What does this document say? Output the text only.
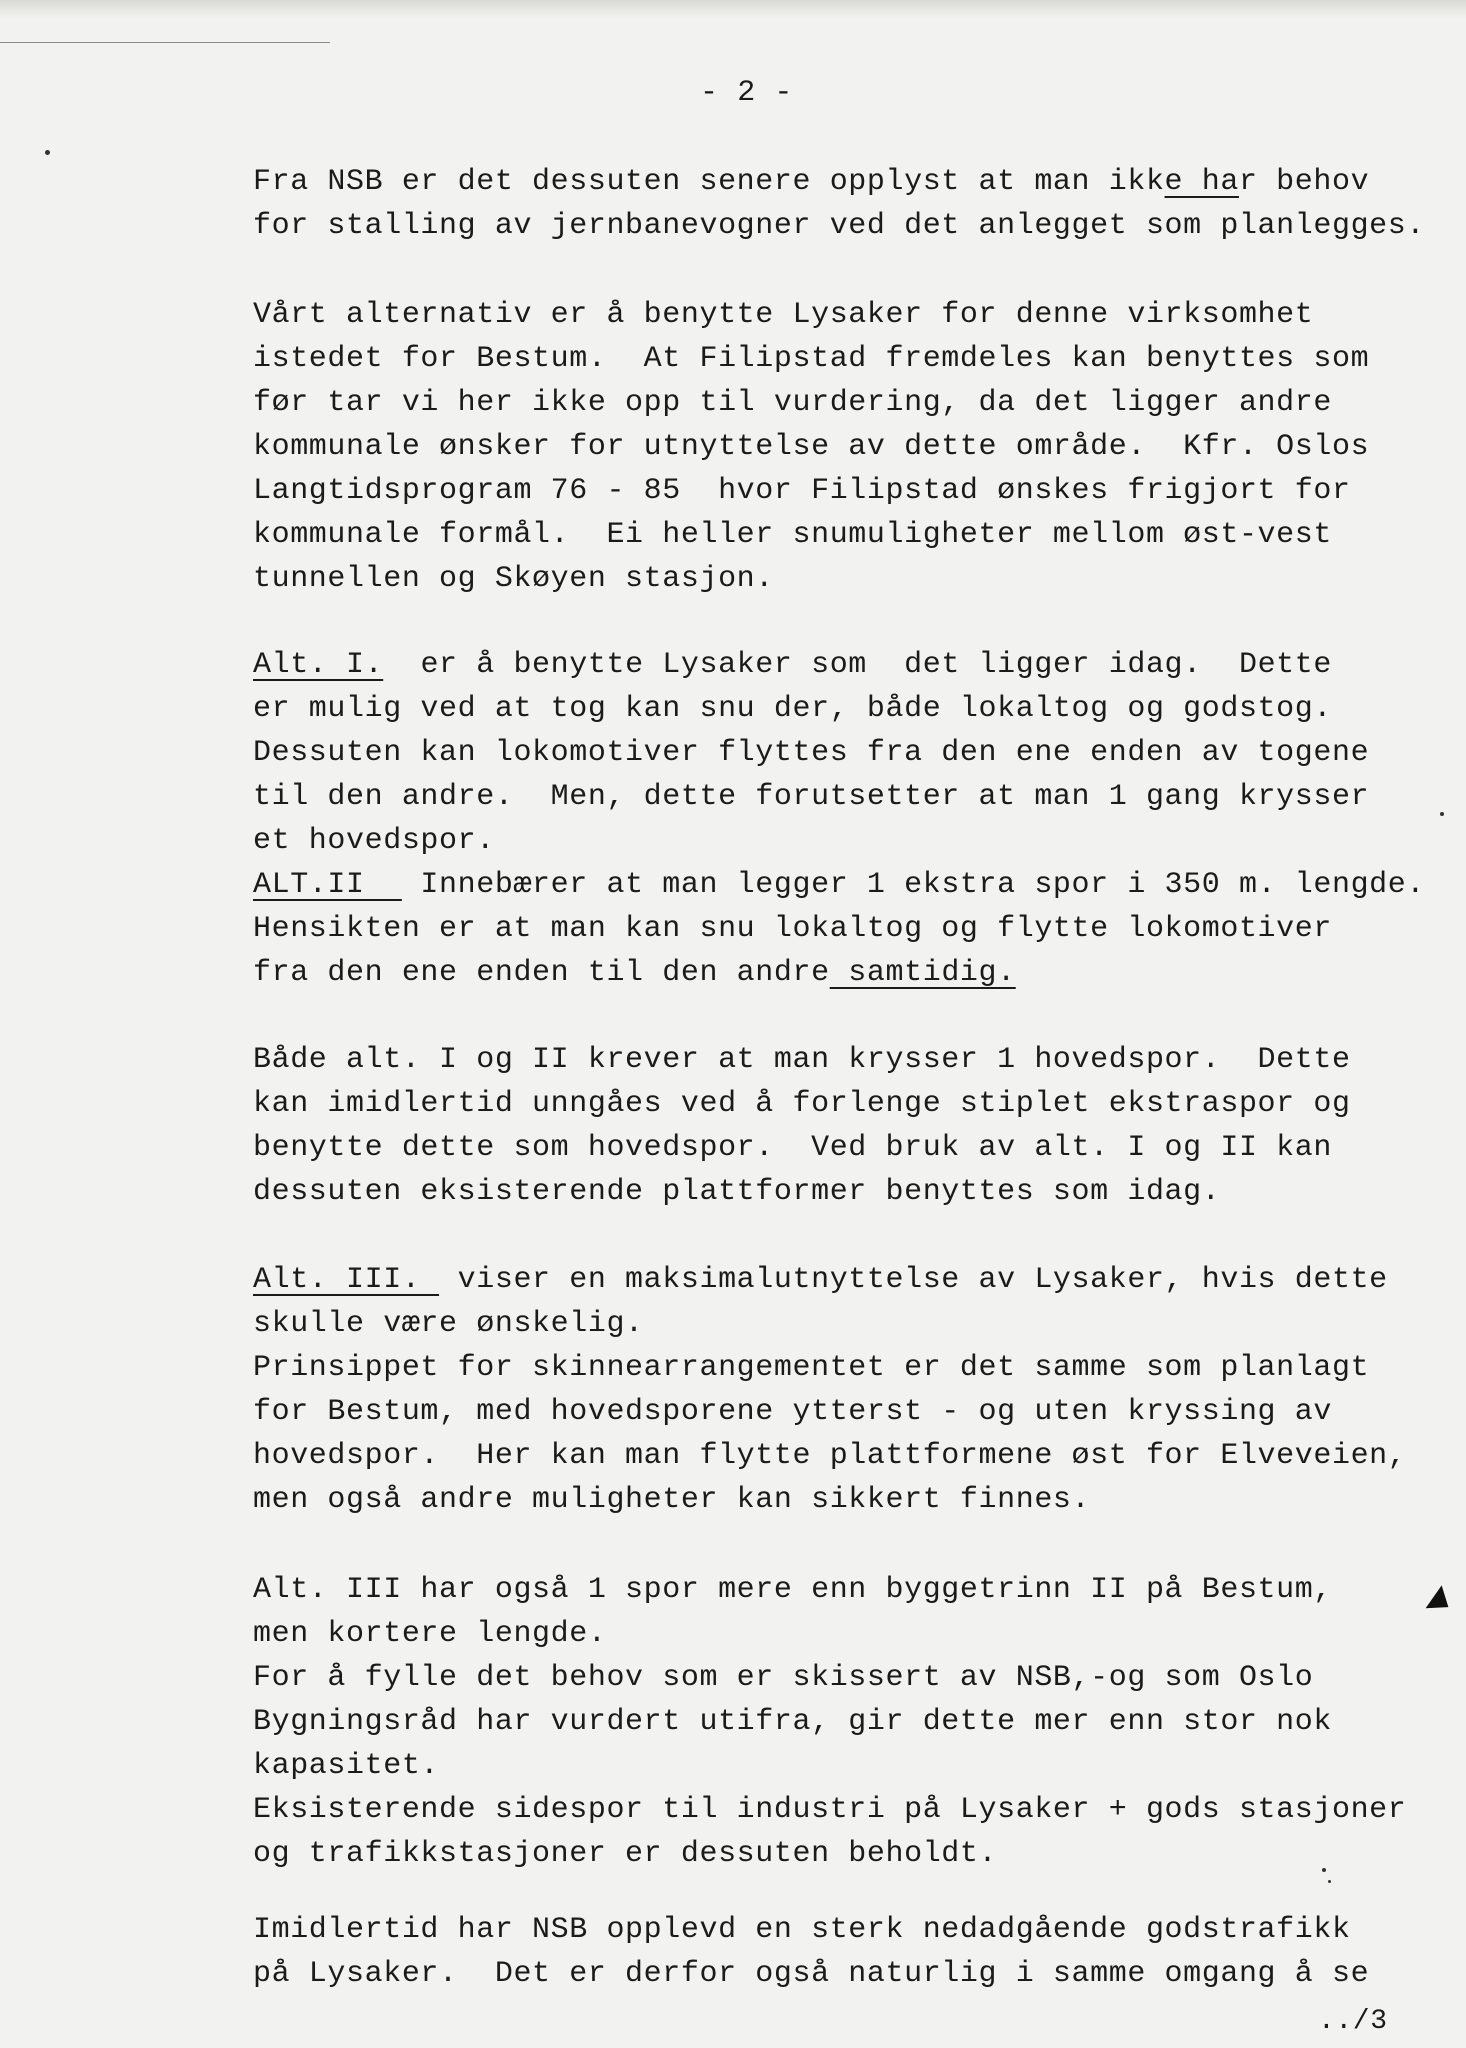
- 2 -
Fra NSB er det dessuten senere opplyst at man ikke har behov
for stalling av jernbanevogner ved det anlegget som planlegges.
Vårt alternativ er å benytte Lysaker for denne virksomhet
istedet for Bestum.  At Filipstad fremdeles kan benyttes som
før tar vi her ikke opp til vurdering, da det ligger andre
kommunale ønsker for utnyttelse av dette område.  Kfr. Oslos
Langtidsprogram 76 - 85  hvor Filipstad ønskes frigjort for
kommunale formål.  Ei heller snumuligheter mellom øst-vest
tunnellen og Skøyen stasjon.
Alt. I.  er å benytte Lysaker som  det ligger idag.  Dette
er mulig ved at tog kan snu der, både lokaltog og godstog.
Dessuten kan lokomotiver flyttes fra den ene enden av togene
til den andre.  Men, dette forutsetter at man 1 gang krysser
et hovedspor.
ALT.II   Innebærer at man legger 1 ekstra spor i 350 m. lengde.
Hensikten er at man kan snu lokaltog og flytte lokomotiver
fra den ene enden til den andre samtidig.
Både alt. I og II krever at man krysser 1 hovedspor.  Dette
kan imidlertid unngåes ved å forlenge stiplet ekstraspor og
benytte dette som hovedspor.  Ved bruk av alt. I og II kan
dessuten eksisterende plattformer benyttes som idag.
Alt. III.  viser en maksimalutnyttelse av Lysaker, hvis dette
skulle være ønskelig.
Prinsippet for skinnearrangementet er det samme som planlagt
for Bestum, med hovedsporene ytterst - og uten kryssing av
hovedspor.  Her kan man flytte plattformene øst for Elveveien,
men også andre muligheter kan sikkert finnes.
Alt. III har også 1 spor mere enn byggetrinn II på Bestum,
men kortere lengde.
For å fylle det behov som er skissert av NSB,-og som Oslo
Bygningsråd har vurdert utifra, gir dette mer enn stor nok
kapasitet.
Eksisterende sidespor til industri på Lysaker + gods stasjoner
og trafikkstasjoner er dessuten beholdt.
Imidlertid har NSB opplevd en sterk nedadgående godstrafikk
på Lysaker.  Det er derfor også naturlig i samme omgang å se
../3
